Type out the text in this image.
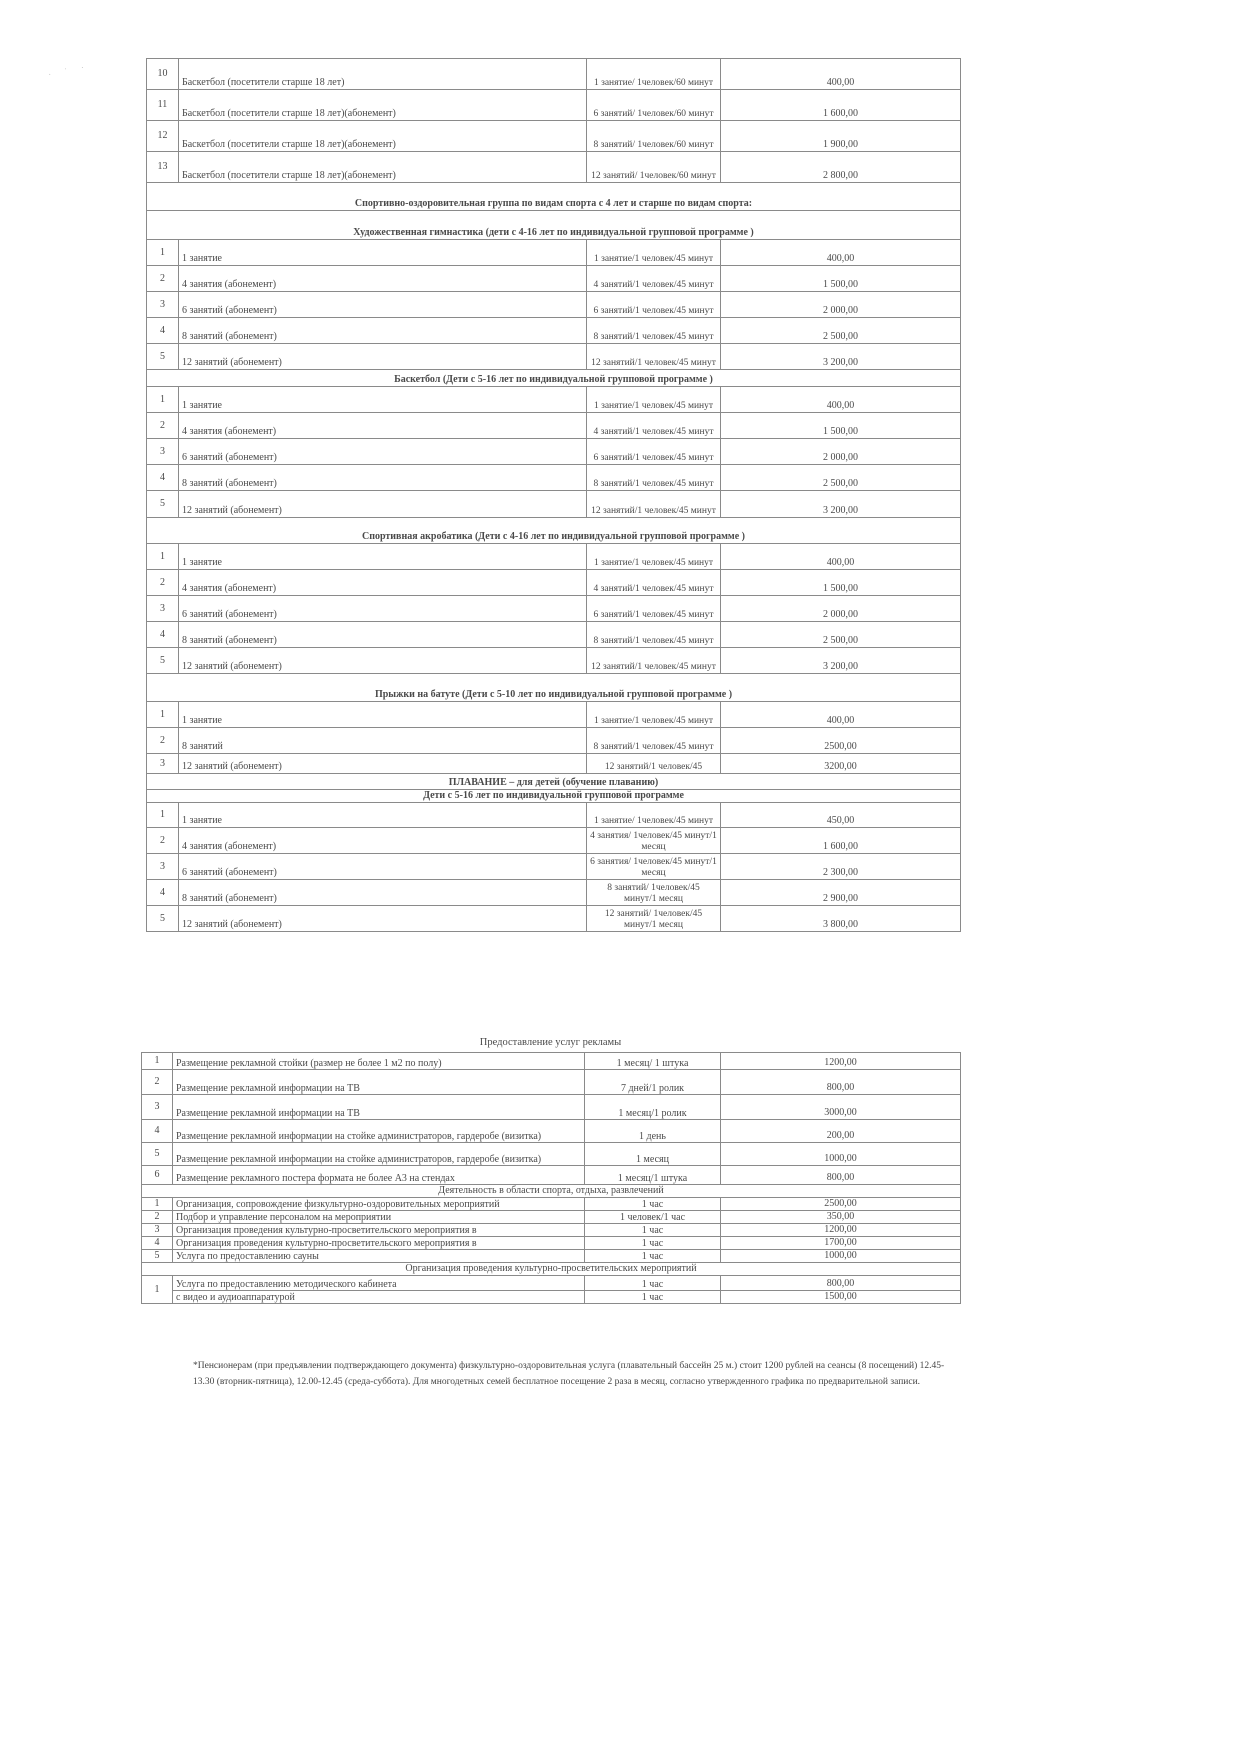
· ˙ ·	10	Баскетбол (посетители старше 18 лет)	1 занятие/ 1человек/60 минут	400,00
11	Баскетбол (посетители старше 18 лет)(абонемент)	6 занятий/ 1человек/60 минут	1 600,00
12	Баскетбол (посетители старше 18 лет)(абонемент)	8 занятий/ 1человек/60 минут	1 900,00
13	Баскетбол (посетители старше 18 лет)(абонемент)	12 занятий/ 1человек/60 минут	2 800,00
Спортивно-оздоровительная группа по видам спорта с 4 лет и старше по видам спорта:			
Художественная гимнастика (дети с 4-16 лет по индивидуальной групповой программе )			
1	1 занятие	1 занятие/1 человек/45 минут	400,00
2	4 занятия (абонемент)	4 занятий/1 человек/45 минут	1 500,00
3	6 занятий (абонемент)	6 занятий/1 человек/45 минут	2 000,00
4	8 занятий (абонемент)	8 занятий/1 человек/45 минут	2 500,00
5	12 занятий (абонемент)	12 занятий/1 человек/45 минут	3 200,00
Баскетбол (Дети с 5-16 лет по индивидуальной групповой программе )			
1	1 занятие	1 занятие/1 человек/45 минут	400,00
2	4 занятия (абонемент)	4 занятий/1 человек/45 минут	1 500,00
3	6 занятий (абонемент)	6 занятий/1 человек/45 минут	2 000,00
4	8 занятий (абонемент)	8 занятий/1 человек/45 минут	2 500,00
5	12 занятий (абонемент)	12 занятий/1 человек/45 минут	3 200,00
Спортивная акробатика (Дети с 4-16 лет по индивидуальной групповой программе )			
1	1 занятие	1 занятие/1 человек/45 минут	400,00
2	4 занятия (абонемент)	4 занятий/1 человек/45 минут	1 500,00
3	6 занятий (абонемент)	6 занятий/1 человек/45 минут	2 000,00
4	8 занятий (абонемент)	8 занятий/1 человек/45 минут	2 500,00
5	12 занятий (абонемент)	12 занятий/1 человек/45 минут	3 200,00
Прыжки на батуте (Дети с 5-10 лет по индивидуальной групповой программе )			
1	1 занятие	1 занятие/1 человек/45 минут	400,00
2	8 занятий	8 занятий/1 человек/45 минут	2500,00
3	12 занятий (абонемент)	12 занятий/1 человек/45	3200,00
ПЛАВАНИЕ – для детей (обучение плаванию)			
Дети с 5-16 лет по индивидуальной групповой программе			
1	1 занятие	1 занятие/ 1человек/45 минут	450,00
2	4 занятия (абонемент)	4 занятия/ 1человек/45 минут/1 месяц	1 600,00
3	6 занятий (абонемент)	6 занятия/ 1человек/45 минут/1 месяц	2 300,00
4	8 занятий (абонемент)	8 занятий/ 1человек/45 минут/1 месяц	2 900,00
5	12 занятий (абонемент)	12 занятий/ 1человек/45 минут/1 месяц	3 800,00
Предоставление услуг рекламы
1	Размещение рекламной стойки (размер не более 1 м2 по полу)	1 месяц/ 1 штука	1200,00
2	Размещение рекламной информации на ТВ	7 дней/1 ролик	800,00
3	Размещение рекламной информации на ТВ	1 месяц/1 ролик	3000,00
4	Размещение рекламной информации на стойке администраторов, гардеробе (визитка)	1 день	200,00
5	Размещение рекламной информации на стойке администраторов, гардеробе (визитка)	1 месяц	1000,00
6	Размещение рекламного постера формата не более А3 на стендах	1 месяц/1 штука	800,00
Деятельность в области спорта, отдыха, развлечений			
1	Организация, сопровождение физкультурно-оздоровительных мероприятий	1 час	2500,00
2	Подбор и управление персоналом на мероприятии	1 человек/1 час	350,00
3	Организация проведения культурно-просветительского мероприятия в	1 час	1200,00
4	Организация проведения культурно-просветительского мероприятия в	1 час	1700,00
5	Услуга по предоставлению сауны	1 час	1000,00
Организация проведения культурно-просветительских мероприятий			
1	Услуга по предоставлению методического кабинета	1 час	800,00
	с видео и аудиоаппаратурой	1 час	1500,00
*Пенсионерам (при предъявлении подтверждающего документа) физкультурно-оздоровительная услуга (плавательный бассейн 25 м.) стоит 1200 рублей на сеансы (8 посещений) 12.45-13.30 (вторник-пятница), 12.00-12.45 (среда-суббота). Для многодетных семей бесплатное посещение 2 раза в месяц, согласно утвержденного графика по предварительной записи.
